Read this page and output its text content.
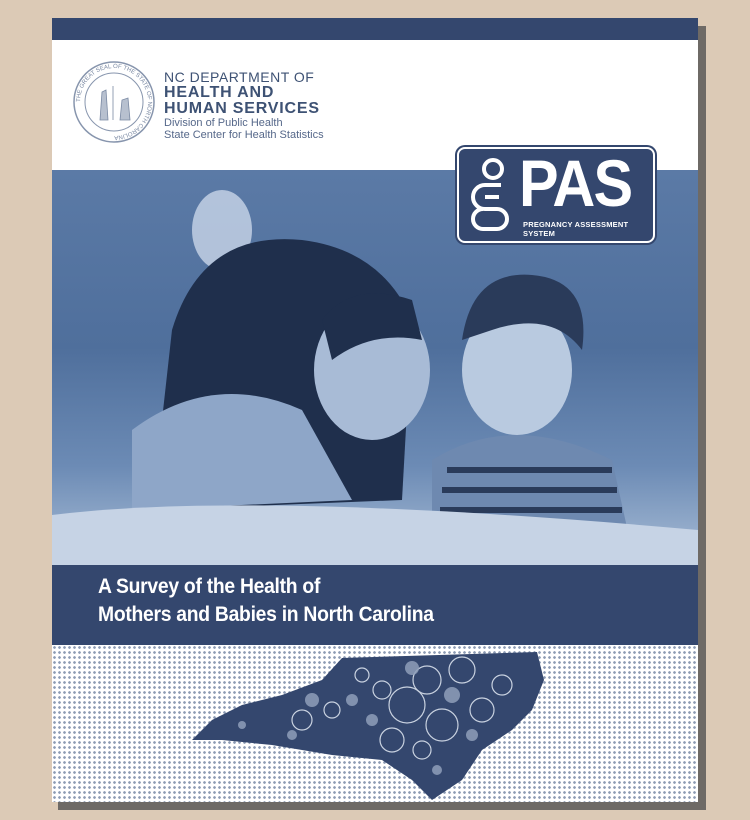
THE GREAT SEAL OF THE STATE OF NORTH CAROLINA
NC DEPARTMENT OF
HEALTH AND
HUMAN SERVICES
Division of Public Health
State Center for Health Statistics
PAS
PREGNANCY ASSESSMENT SYSTEM
A Survey of the Health of
Mothers and Babies in North Carolina
